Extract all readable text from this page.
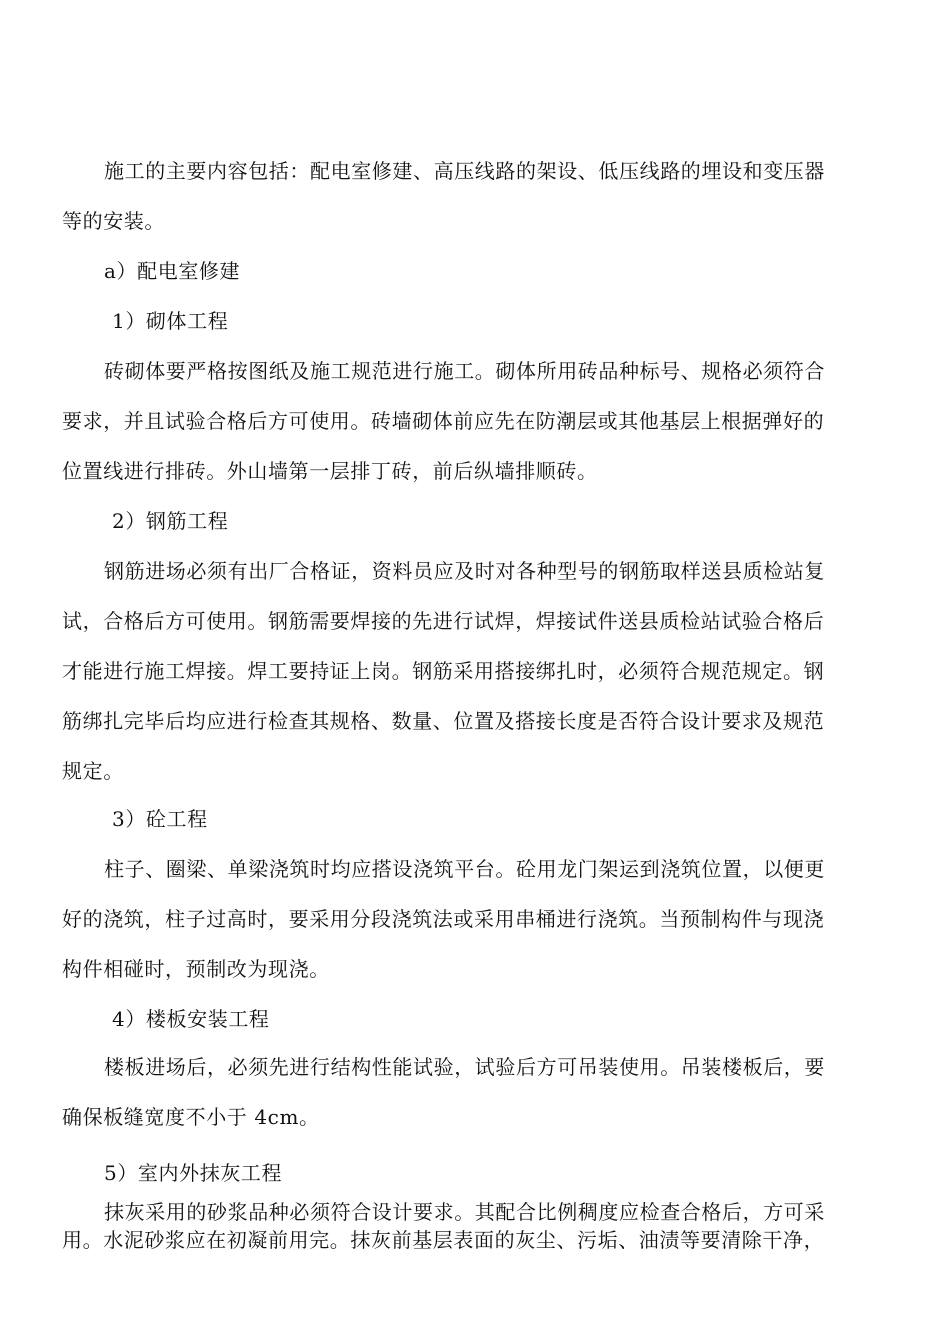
施工的主要内容包括：配电室修建、高压线路的架设、低压线路的埋设和变压器
等的安装。
a）配电室修建
1）砌体工程
砖砌体要严格按图纸及施工规范进行施工。砌体所用砖品种标号、规格必须符合
要求，并且试验合格后方可使用。砖墙砌体前应先在防潮层或其他基层上根据弹好的
位置线进行排砖。外山墙第一层排丁砖，前后纵墙排顺砖。
2）钢筋工程
钢筋进场必须有出厂合格证，资料员应及时对各种型号的钢筋取样送县质检站复
试，合格后方可使用。钢筋需要焊接的先进行试焊，焊接试件送县质检站试验合格后
才能进行施工焊接。焊工要持证上岗。钢筋采用搭接绑扎时，必须符合规范规定。钢
筋绑扎完毕后均应进行检查其规格、数量、位置及搭接长度是否符合设计要求及规范
规定。
3）砼工程
柱子、圈梁、单梁浇筑时均应搭设浇筑平台。砼用龙门架运到浇筑位置，以便更
好的浇筑，柱子过高时，要采用分段浇筑法或采用串桶进行浇筑。当预制构件与现浇
构件相碰时，预制改为现浇。
4）楼板安装工程
楼板进场后，必须先进行结构性能试验，试验后方可吊装使用。吊装楼板后，要
确保板缝宽度不小于 4cm。
5）室内外抹灰工程
抹灰采用的砂浆品种必须符合设计要求。其配合比例稠度应检查合格后，方可采
用。水泥砂浆应在初凝前用完。抹灰前基层表面的灰尘、污垢、油渍等要清除干净，
